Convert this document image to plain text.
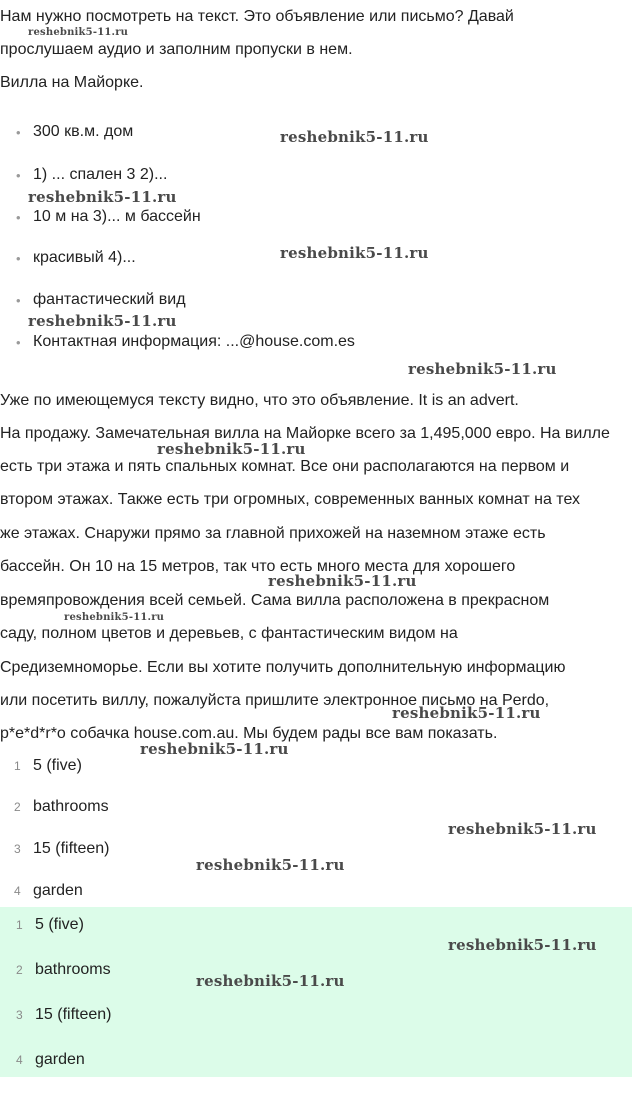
Нам нужно посмотреть на текст. Это объявление или письмо? Давай
прослушаем аудио и заполним пропуски в нем.
Вилла на Майорке.
• 300 кв.м. дом
• 1) ... спален 3 2)...
• 10 м на 3)... м бассейн
• красивый 4)...
• фантастический вид
• Контактная информация: ...@house.com.es
Уже по имеющемуся тексту видно, что это объявление. It is an advert.
На продажу. Замечательная вилла на Майорке всего за 1,495,000 евро. На вилле
есть три этажа и пять спальных комнат. Все они располагаются на первом и
втором этажах. Также есть три огромных, современных ванных комнат на тех
же этажах. Снаружи прямо за главной прихожей на наземном этаже есть
бассейн. Он 10 на 15 метров, так что есть много места для хорошего
времяпровождения всей семьей. Сама вилла расположена в прекрасном
саду, полном цветов и деревьев, с фантастическим видом на
Средиземноморье. Если вы хотите получить дополнительную информацию
или посетить виллу, пожалуйста пришлите электронное письмо на Perdo,
p*e*d*r*o собачка house.com.au. Мы будем рады все вам показать.
1 5 (five)
2 bathrooms
3 15 (fifteen)
4 garden
1 5 (five)
2 bathrooms
3 15 (fifteen)
4 garden
reshebnik5-11.ru
reshebnik5-11.ru
reshebnik5-11.ru
reshebnik5-11.ru
reshebnik5-11.ru
reshebnik5-11.ru
reshebnik5-11.ru
reshebnik5-11.ru
reshebnik5-11.ru
reshebnik5-11.ru
reshebnik5-11.ru
reshebnik5-11.ru
reshebnik5-11.ru
reshebnik5-11.ru
reshebnik5-11.ru
